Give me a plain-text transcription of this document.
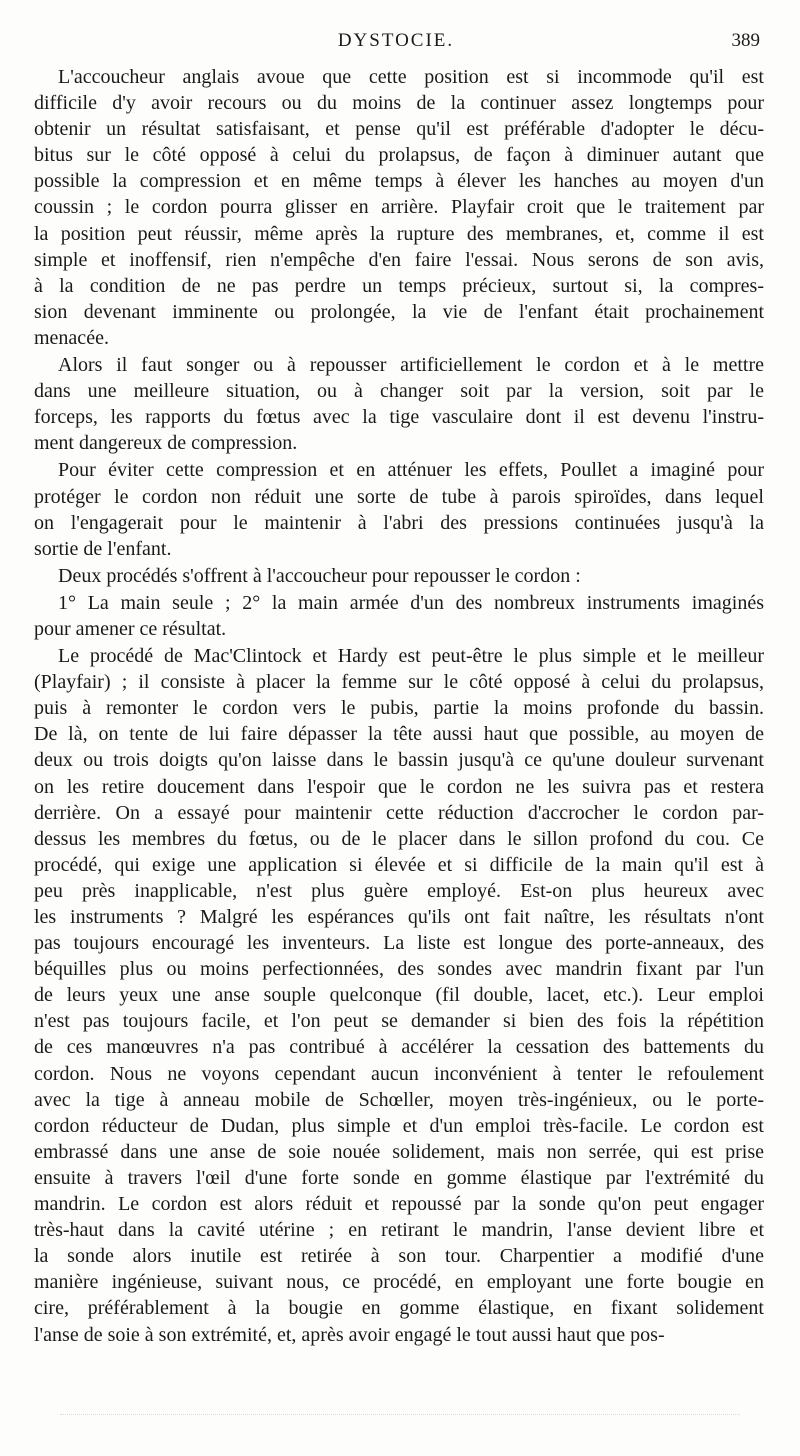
DYSTOCIE.	389
L'accoucheur anglais avoue que cette position est si incommode qu'il est
difficile d'y avoir recours ou du moins de la continuer assez longtemps pour
obtenir un résultat satisfaisant, et pense qu'il est préférable d'adopter le décu-
bitus sur le côté opposé à celui du prolapsus, de façon à diminuer autant que
possible la compression et en même temps à élever les hanches au moyen d'un
coussin ; le cordon pourra glisser en arrière. Playfair croit que le traitement par
la position peut réussir, même après la rupture des membranes, et, comme il est
simple et inoffensif, rien n'empêche d'en faire l'essai. Nous serons de son avis,
à la condition de ne pas perdre un temps précieux, surtout si, la compres-
sion devenant imminente ou prolongée, la vie de l'enfant était prochainement
menacée.
Alors il faut songer ou à repousser artificiellement le cordon et à le mettre
dans une meilleure situation, ou à changer soit par la version, soit par le
forceps, les rapports du fœtus avec la tige vasculaire dont il est devenu l'instru-
ment dangereux de compression.
Pour éviter cette compression et en atténuer les effets, Poullet a imaginé pour
protéger le cordon non réduit une sorte de tube à parois spiroïdes, dans lequel
on l'engagerait pour le maintenir à l'abri des pressions continuées jusqu'à la
sortie de l'enfant.
Deux procédés s'offrent à l'accoucheur pour repousser le cordon :
1° La main seule ; 2° la main armée d'un des nombreux instruments imaginés
pour amener ce résultat.
Le procédé de Mac'Clintock et Hardy est peut-être le plus simple et le meilleur
(Playfair) ; il consiste à placer la femme sur le côté opposé à celui du prolapsus,
puis à remonter le cordon vers le pubis, partie la moins profonde du bassin.
De là, on tente de lui faire dépasser la tête aussi haut que possible, au moyen de
deux ou trois doigts qu'on laisse dans le bassin jusqu'à ce qu'une douleur survenant
on les retire doucement dans l'espoir que le cordon ne les suivra pas et restera
derrière. On a essayé pour maintenir cette réduction d'accrocher le cordon par-
dessus les membres du fœtus, ou de le placer dans le sillon profond du cou. Ce
procédé, qui exige une application si élevée et si difficile de la main qu'il est à
peu près inapplicable, n'est plus guère employé. Est-on plus heureux avec
les instruments ? Malgré les espérances qu'ils ont fait naître, les résultats n'ont
pas toujours encouragé les inventeurs. La liste est longue des porte-anneaux, des
béquilles plus ou moins perfectionnées, des sondes avec mandrin fixant par l'un
de leurs yeux une anse souple quelconque (fil double, lacet, etc.). Leur emploi
n'est pas toujours facile, et l'on peut se demander si bien des fois la répétition
de ces manœuvres n'a pas contribué à accélérer la cessation des battements du
cordon. Nous ne voyons cependant aucun inconvénient à tenter le refoulement
avec la tige à anneau mobile de Schœller, moyen très-ingénieux, ou le porte-
cordon réducteur de Dudan, plus simple et d'un emploi très-facile. Le cordon est
embrassé dans une anse de soie nouée solidement, mais non serrée, qui est prise
ensuite à travers l'œil d'une forte sonde en gomme élastique par l'extrémité du
mandrin. Le cordon est alors réduit et repoussé par la sonde qu'on peut engager
très-haut dans la cavité utérine ; en retirant le mandrin, l'anse devient libre et
la sonde alors inutile est retirée à son tour. Charpentier a modifié d'une
manière ingénieuse, suivant nous, ce procédé, en employant une forte bougie en
cire, préférablement à la bougie en gomme élastique, en fixant solidement
l'anse de soie à son extrémité, et, après avoir engagé le tout aussi haut que pos-
